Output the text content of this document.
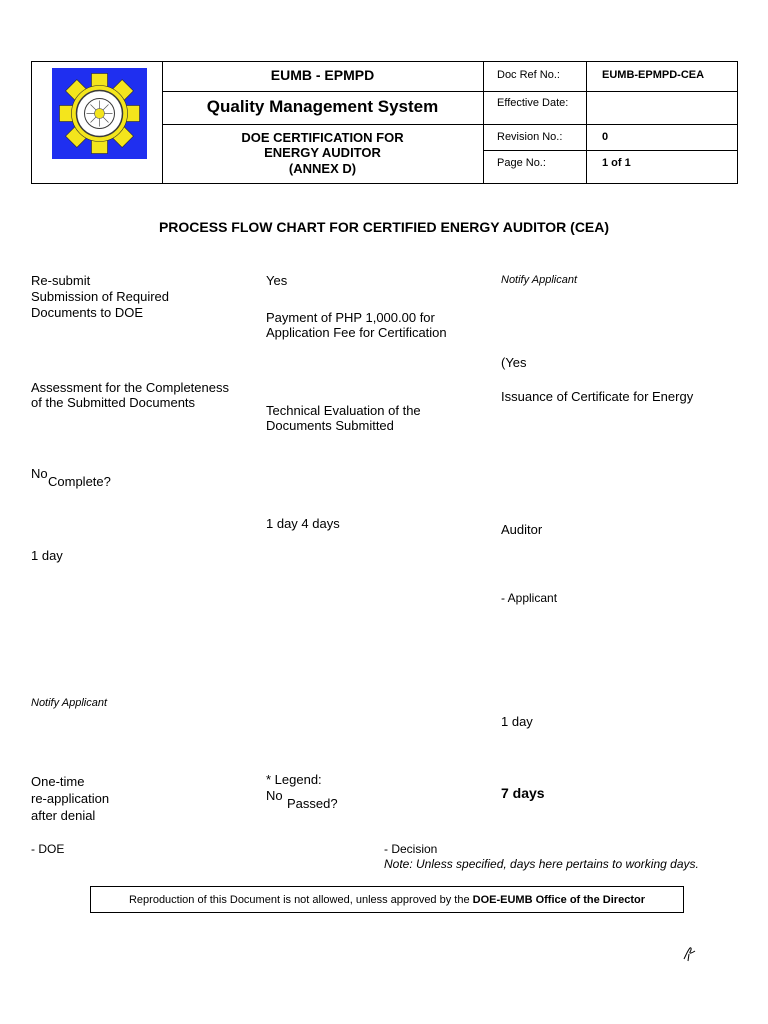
EUMB - EPMPD
Quality Management System
DOE CERTIFICATION FOR
ENERGY AUDITOR
(ANNEX D)
Doc Ref No.:	EUMB-EPMPD-CEA
Effective Date:
Revision No.:	0
Page No.:	1 of 1
PROCESS FLOW CHART FOR CERTIFIED ENERGY AUDITOR (CEA)
Re-submit
Submission of Required
Documents to DOE
Assessment for the Completeness
of the Submitted Documents
No
Complete?
1 day
Notify Applicant
One-time
re-application
after denial
- DOE
Yes
Payment of PHP 1,000.00 for
Application Fee for Certification
Technical Evaluation of the
Documents Submitted
1 day 4 days
* Legend:
No
Passed?
- Decision
Note: Unless specified, days here pertains to working days.
Notify Applicant
(Yes
Issuance of Certificate for Energy
Auditor
- Applicant
1 day
7 days
Reproduction of this Document is not allowed, unless approved by the
DOE-EUMB Office of the Director
